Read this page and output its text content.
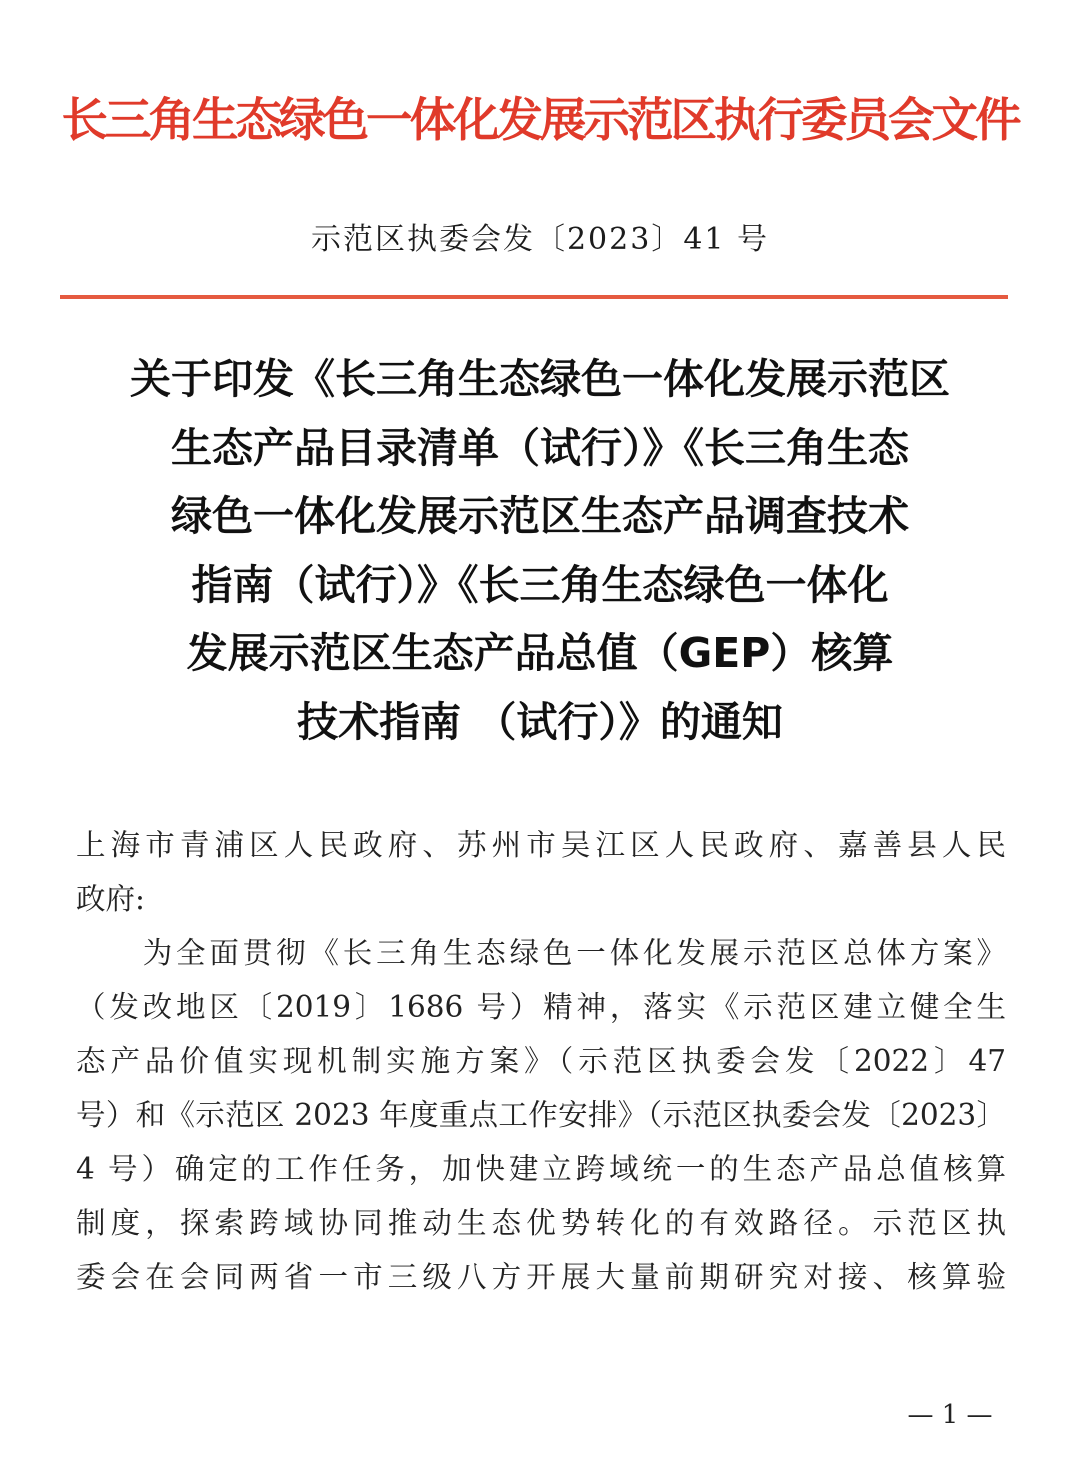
长三角生态绿色一体化发展示范区执行委员会文件
示范区执委会发〔2023〕41 号
关于印发《长三角生态绿色一体化发展示范区
生态产品目录清单（试行）》《长三角生态
绿色一体化发展示范区生态产品调查技术
指南（试行）》《长三角生态绿色一体化
发展示范区生态产品总值（GEP）核算
技术指南 （试行）》的通知
上海市青浦区人民政府、苏州市吴江区人民政府、嘉善县人民
政府:
　　为全面贯彻《长三角生态绿色一体化发展示范区总体方案》
（发改地区〔2019〕1686 号）精神，落实《示范区建立健全生
态产品价值实现机制实施方案》（示范区执委会发〔2022〕47
号）和《示范区 2023 年度重点工作安排》（示范区执委会发〔2023〕
4 号）确定的工作任务，加快建立跨域统一的生态产品总值核算
制度，探索跨域协同推动生态优势转化的有效路径。示范区执
委会在会同两省一市三级八方开展大量前期研究对接、核算验
— 1 —
